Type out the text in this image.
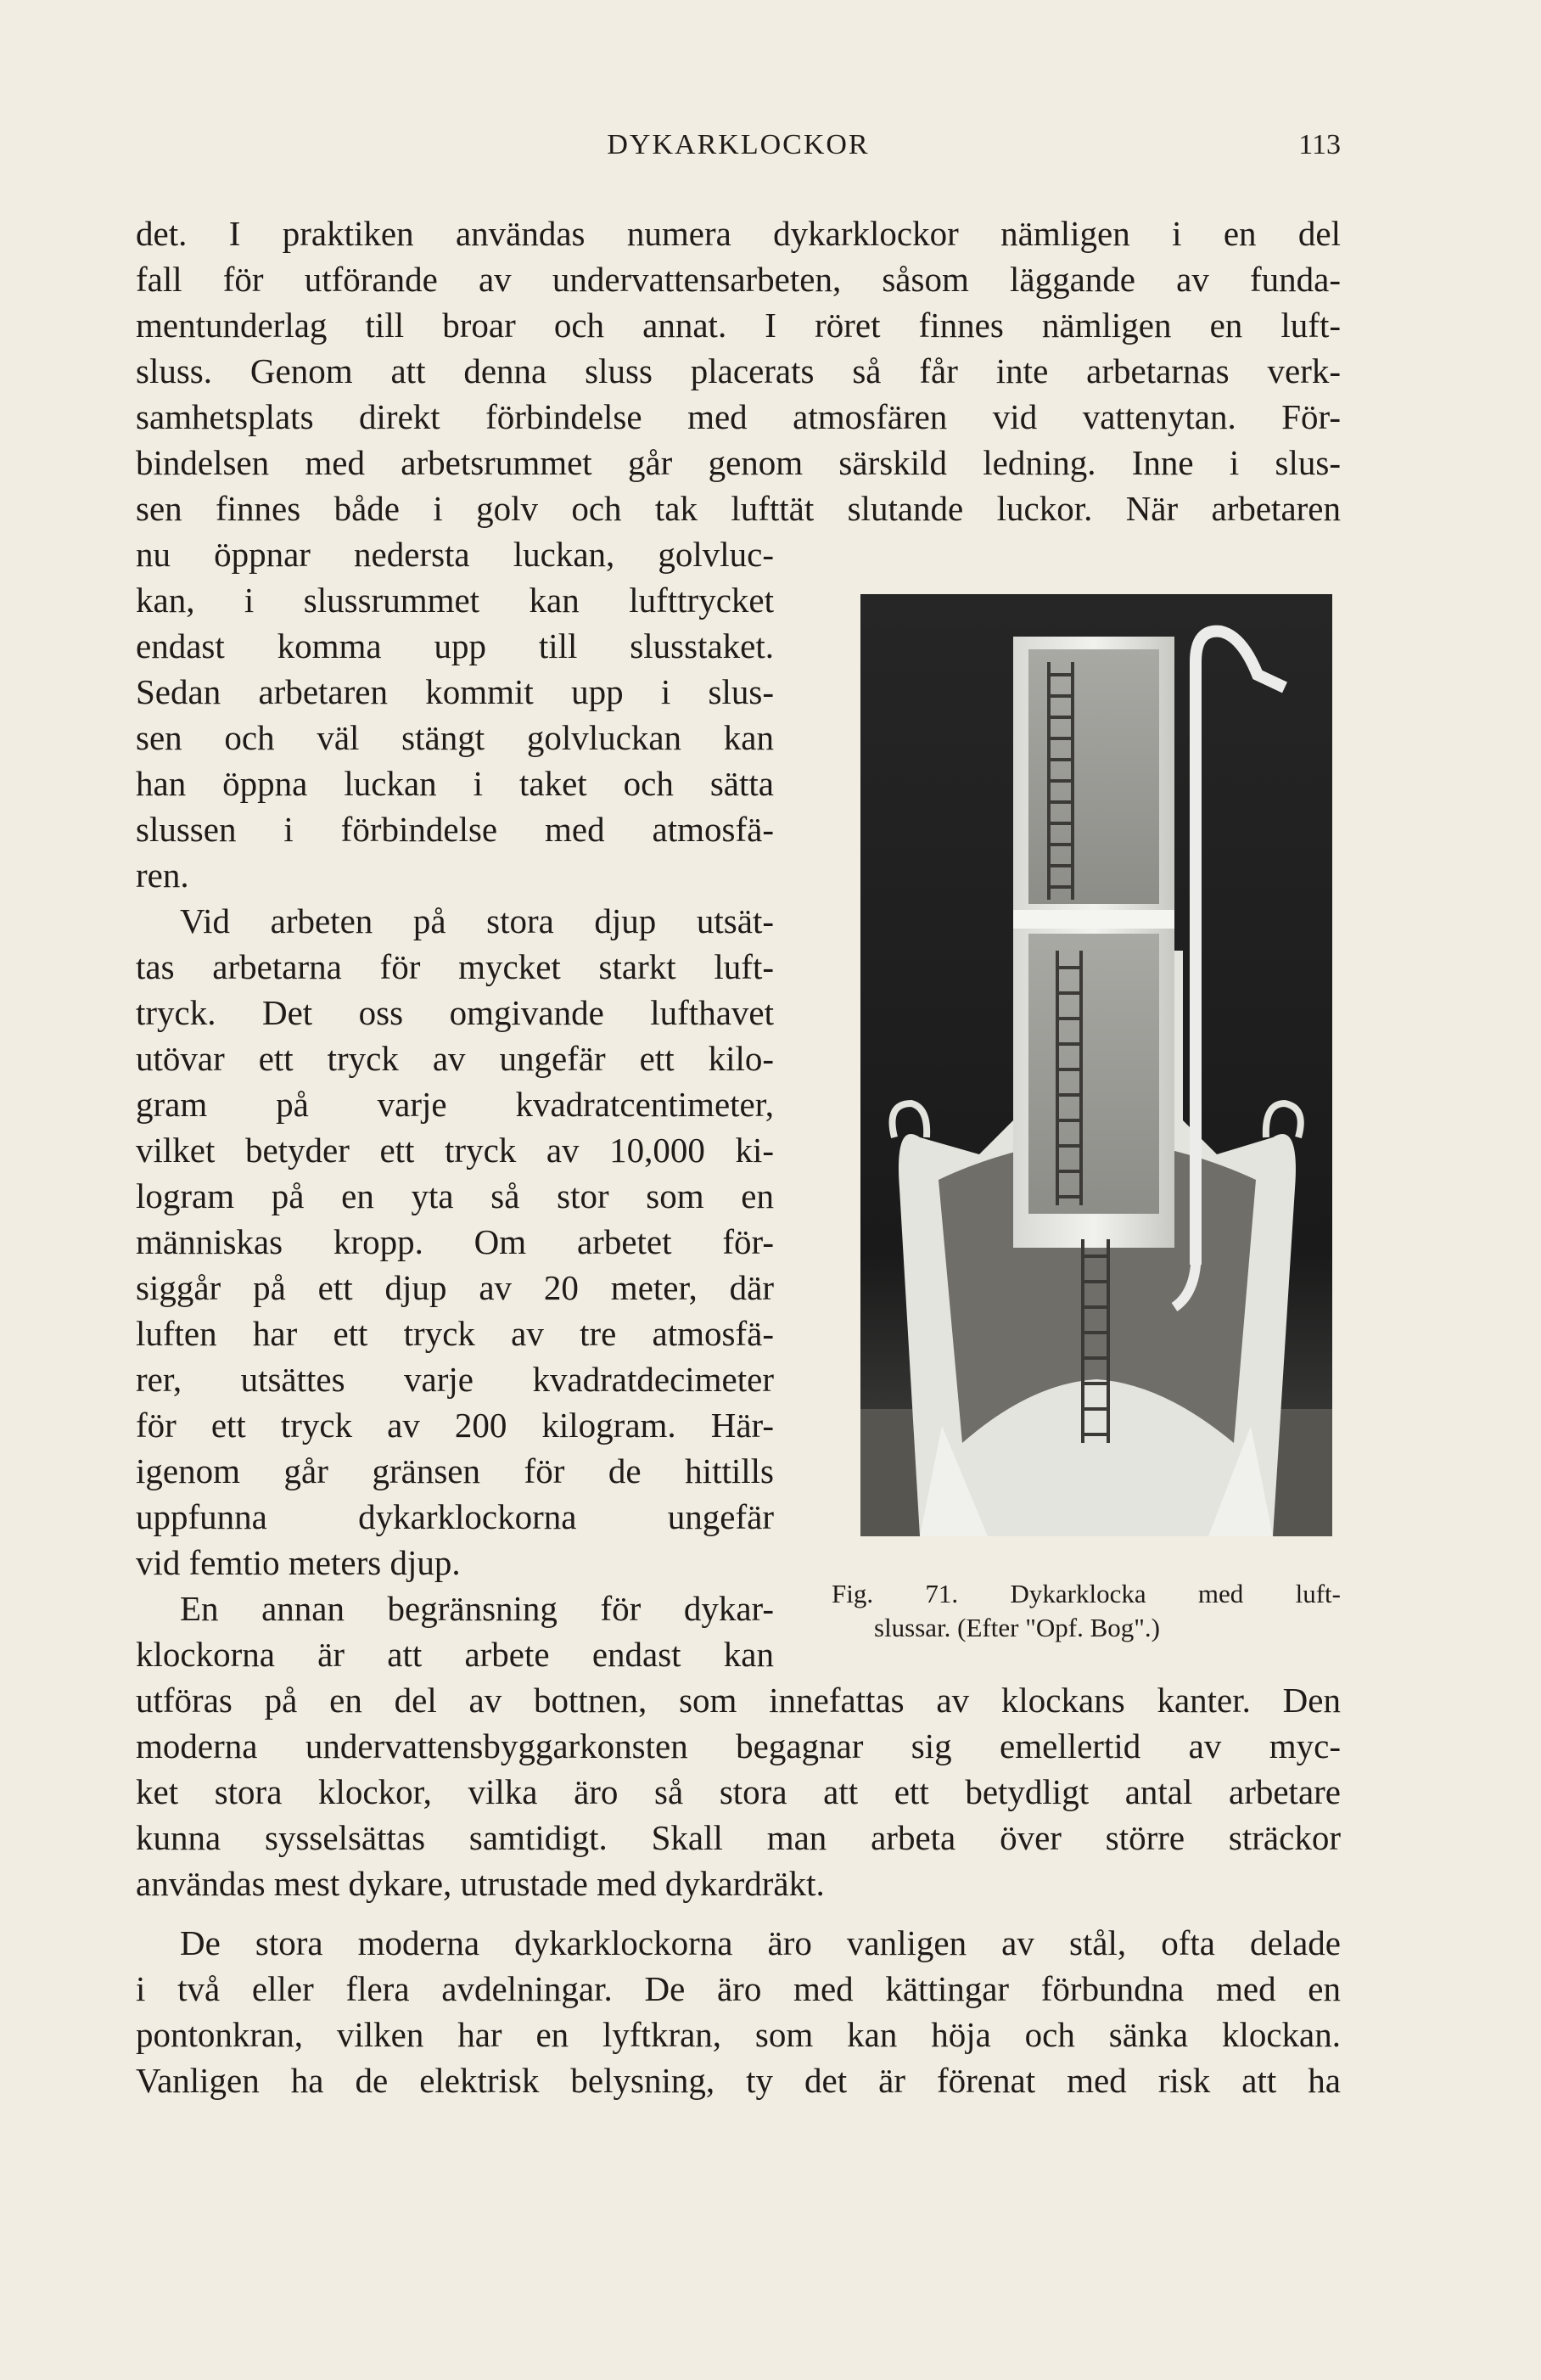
DYKARKLOCKOR	113
det. I praktiken användas numera dykarklockor nämligen i en del
fall för utförande av undervattensarbeten, såsom läggande av funda-
mentunderlag till broar och annat. I röret finnes nämligen en luft-
sluss. Genom att denna sluss placerats så får inte arbetarnas verk-
samhetsplats direkt förbindelse med atmosfären vid vattenytan. För-
bindelsen med arbetsrummet går genom särskild ledning. Inne i slus-
sen finnes både i golv och tak lufttät slutande luckor. När arbetaren
nu öppnar nedersta luckan, golvluc-
kan, i slussrummet kan lufttrycket
endast komma upp till slusstaket.
Sedan arbetaren kommit upp i slus-
sen och väl stängt golvluckan kan
han öppna luckan i taket och sätta
slussen i förbindelse med atmosfä-
ren.
Vid arbeten på stora djup utsät-
tas arbetarna för mycket starkt luft-
tryck. Det oss omgivande lufthavet
utövar ett tryck av ungefär ett kilo-
gram på varje kvadratcentimeter,
vilket betyder ett tryck av 10,000 ki-
logram på en yta så stor som en
människas kropp. Om arbetet för-
siggår på ett djup av 20 meter, där
luften har ett tryck av tre atmosfä-
rer, utsättes varje kvadratdecimeter
för ett tryck av 200 kilogram. Här-
igenom går gränsen för de hittills
uppfunna dykarklockorna ungefär
vid femtio meters djup.
En annan begränsning för dykar-
klockorna är att arbete endast kan
utföras på en del av bottnen, som innefattas av klockans kanter. Den
moderna undervattensbyggarkonsten begagnar sig emellertid av myc-
ket stora klockor, vilka äro så stora att ett betydligt antal arbetare
kunna sysselsättas samtidigt. Skall man arbeta över större sträckor
användas mest dykare, utrustade med dykardräkt.
De stora moderna dykarklockorna äro vanligen av stål, ofta delade
i två eller flera avdelningar. De äro med kättingar förbundna med en
pontonkran, vilken har en lyftkran, som kan höja och sänka klockan.
Vanligen ha de elektrisk belysning, ty det är förenat med risk att ha
Fig. 71. Dykarklocka med luft-
slussar. (Efter "Opf. Bog".)
